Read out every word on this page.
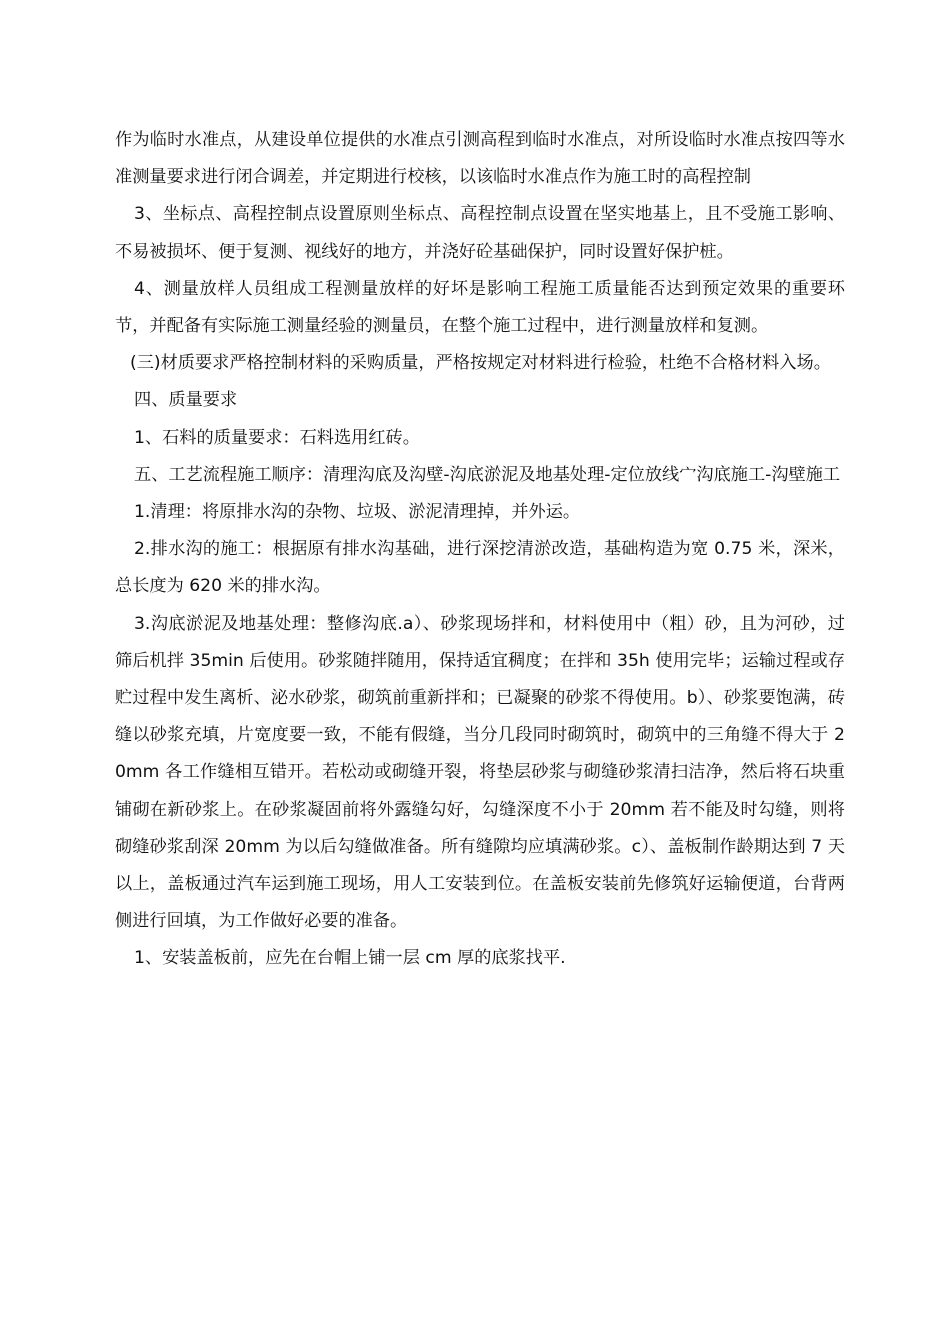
作为临时水准点，从建设单位提供的水准点引测高程到临时水准点，对所设临时水准点按四等水准测量要求进行闭合调差，并定期进行校核，以该临时水准点作为施工时的高程控制

3、坐标点、高程控制点设置原则坐标点、高程控制点设置在坚实地基上，且不受施工影响、不易被损坏、便于复测、视线好的地方，并浇好砼基础保护，同时设置好保护桩。

4、测量放样人员组成工程测量放样的好坏是影响工程施工质量能否达到预定效果的重要环节，并配备有实际施工测量经验的测量员，在整个施工过程中，进行测量放样和复测。

(三)材质要求严格控制材料的采购质量，严格按规定对材料进行检验，杜绝不合格材料入场。

四、质量要求

1、石料的质量要求：石料选用红砖。

五、工艺流程施工顺序：清理沟底及沟壁-沟底淤泥及地基处理-定位放线宀沟底施工-沟壁施工

1.清理：将原排水沟的杂物、垃圾、淤泥清理掉，并外运。

2.排水沟的施工：根据原有排水沟基础，进行深挖清淤改造，基础构造为宽 0.75 米，深米，总长度为 620 米的排水沟。

3.沟底淤泥及地基处理：整修沟底.a）、砂浆现场拌和，材料使用中（粗）砂，且为河砂，过筛后机拌 35min 后使用。砂浆随拌随用，保持适宜稠度；在拌和 35h 使用完毕；运输过程或存贮过程中发生离析、泌水砂浆，砌筑前重新拌和；已凝聚的砂浆不得使用。b）、砂浆要饱满，砖缝以砂浆充填，片宽度要一致，不能有假缝，当分几段同时砌筑时，砌筑中的三角缝不得大于 20mm 各工作缝相互错开。若松动或砌缝开裂，将垫层砂浆与砌缝砂浆清扫洁净，然后将石块重铺砌在新砂浆上。在砂浆凝固前将外露缝勾好，勾缝深度不小于 20mm 若不能及时勾缝，则将砌缝砂浆刮深 20mm 为以后勾缝做准备。所有缝隙均应填满砂浆。c）、盖板制作龄期达到 7 天以上，盖板通过汽车运到施工现场，用人工安装到位。在盖板安装前先修筑好运输便道，台背两侧进行回填，为工作做好必要的准备。

1、安装盖板前，应先在台帽上铺一层 cm 厚的底浆找平.
